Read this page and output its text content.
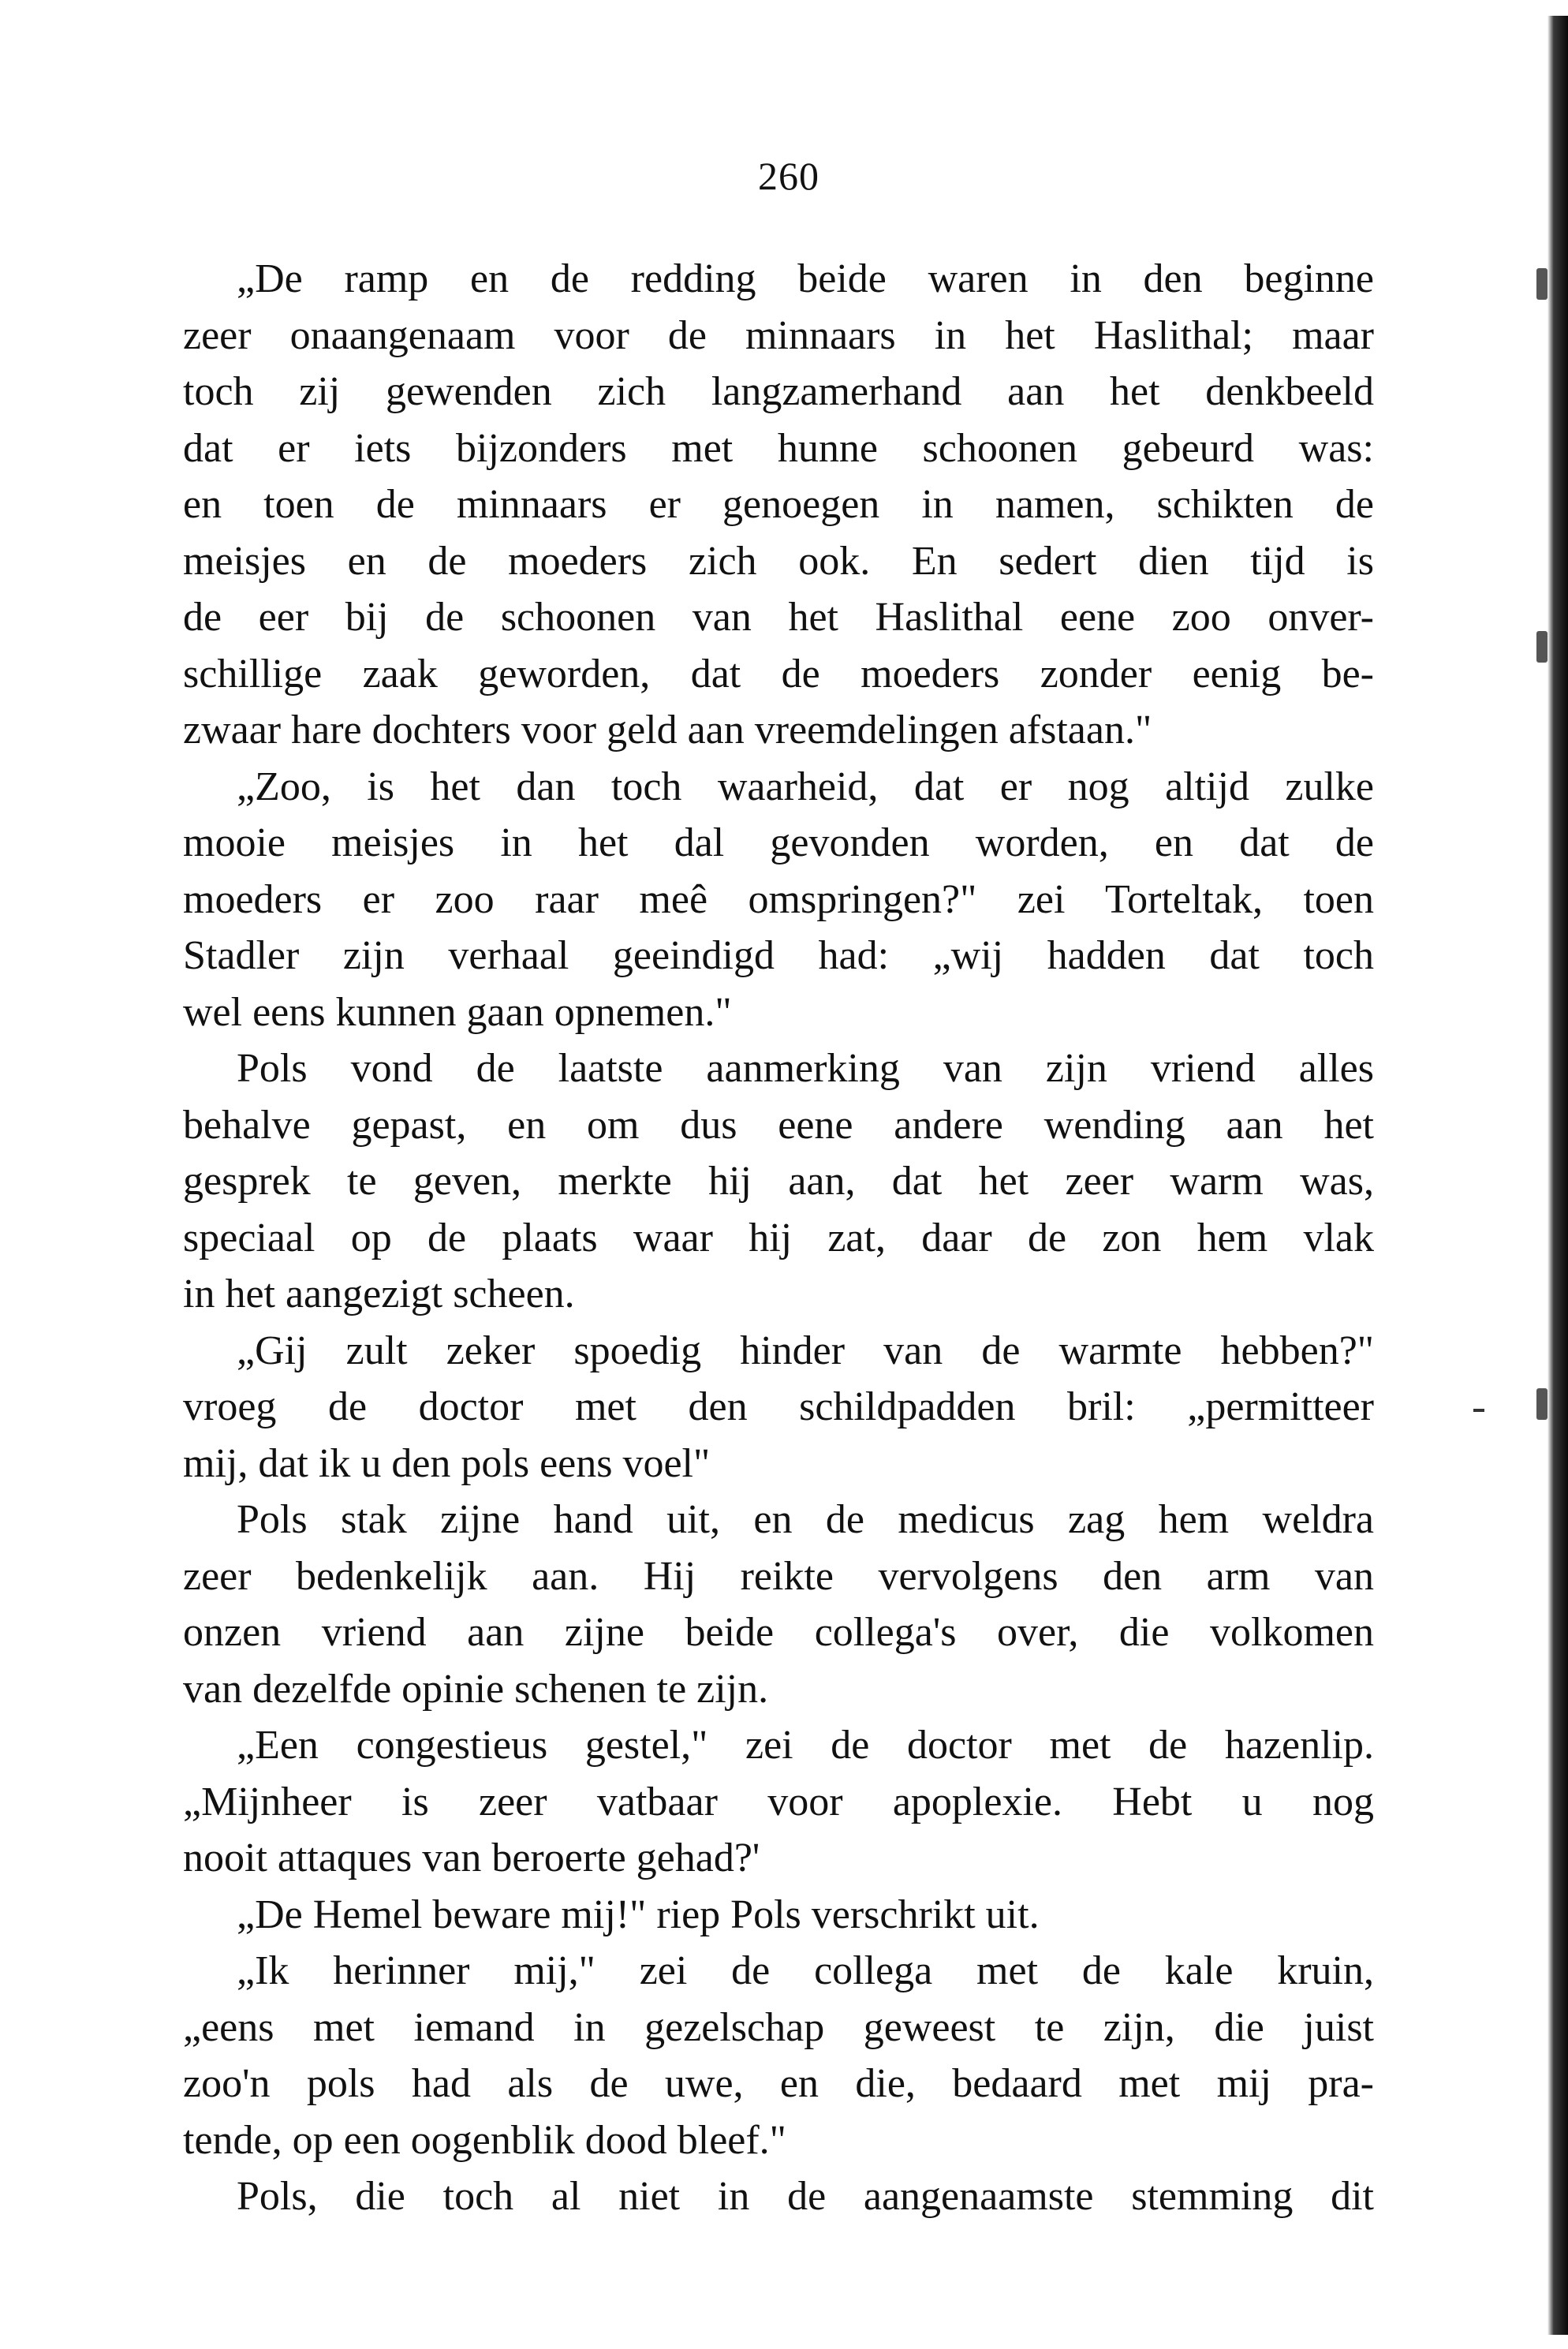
260
„De ramp en de redding beide waren in den beginne
zeer onaangenaam voor de minnaars in het Haslithal; maar
toch zij gewenden zich langzamerhand aan het denkbeeld
dat er iets bijzonders met hunne schoonen gebeurd was:
en toen de minnaars er genoegen in namen, schikten de
meisjes en de moeders zich ook. En sedert dien tijd is
de eer bij de schoonen van het Haslithal eene zoo onver-
schillige zaak geworden, dat de moeders zonder eenig be-
zwaar hare dochters voor geld aan vreemdelingen afstaan."
„Zoo, is het dan toch waarheid, dat er nog altijd zulke
mooie meisjes in het dal gevonden worden, en dat de
moeders er zoo raar meê omspringen?" zei Torteltak, toen
Stadler zijn verhaal geeindigd had: „wij hadden dat toch
wel eens kunnen gaan opnemen."
Pols vond de laatste aanmerking van zijn vriend alles
behalve gepast, en om dus eene andere wending aan het
gesprek te geven, merkte hij aan, dat het zeer warm was,
speciaal op de plaats waar hij zat, daar de zon hem vlak
in het aangezigt scheen.
„Gij zult zeker spoedig hinder van de warmte hebben?"
vroeg de doctor met den schildpadden bril: „permitteer
mij, dat ik u den pols eens voel"
Pols stak zijne hand uit, en de medicus zag hem weldra
zeer bedenkelijk aan. Hij reikte vervolgens den arm van
onzen vriend aan zijne beide collega's over, die volkomen
van dezelfde opinie schenen te zijn.
„Een congestieus gestel," zei de doctor met de hazenlip.
„Mijnheer is zeer vatbaar voor apoplexie. Hebt u nog
nooit attaques van beroerte gehad?'
„De Hemel beware mij!" riep Pols verschrikt uit.
„Ik herinner mij," zei de collega met de kale kruin,
„eens met iemand in gezelschap geweest te zijn, die juist
zoo'n pols had als de uwe, en die, bedaard met mij pra-
tende, op een oogenblik dood bleef."
Pols, die toch al niet in de aangenaamste stemming dit
